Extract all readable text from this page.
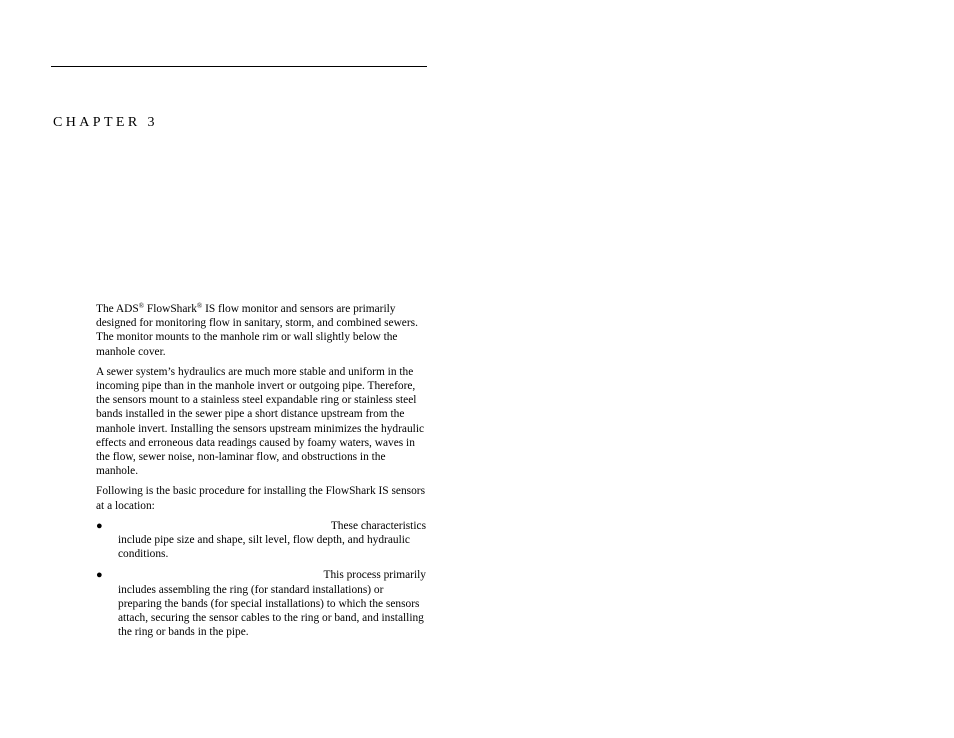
CHAPTER 3

The ADS® FlowShark® IS flow monitor and sensors are primarily designed for monitoring flow in sanitary, storm, and combined sewers. The monitor mounts to the manhole rim or wall slightly below the manhole cover.

A sewer system’s hydraulics are much more stable and uniform in the incoming pipe than in the manhole invert or outgoing pipe. Therefore, the sensors mount to a stainless steel expandable ring or stainless steel bands installed in the sewer pipe a short distance upstream from the manhole invert. Installing the sensors upstream minimizes the hydraulic effects and erroneous data readings caused by foamy waters, waves in the flow, sewer noise, non-laminar flow, and obstructions in the manhole.

Following is the basic procedure for installing the FlowShark IS sensors at a location:

●	These characteristics
include pipe size and shape, silt level, flow depth, and hydraulic conditions.
●	This process primarily
includes assembling the ring (for standard installations) or preparing the bands (for special installations) to which the sensors attach, securing the sensor cables to the ring or band, and installing the ring or bands in the pipe.
